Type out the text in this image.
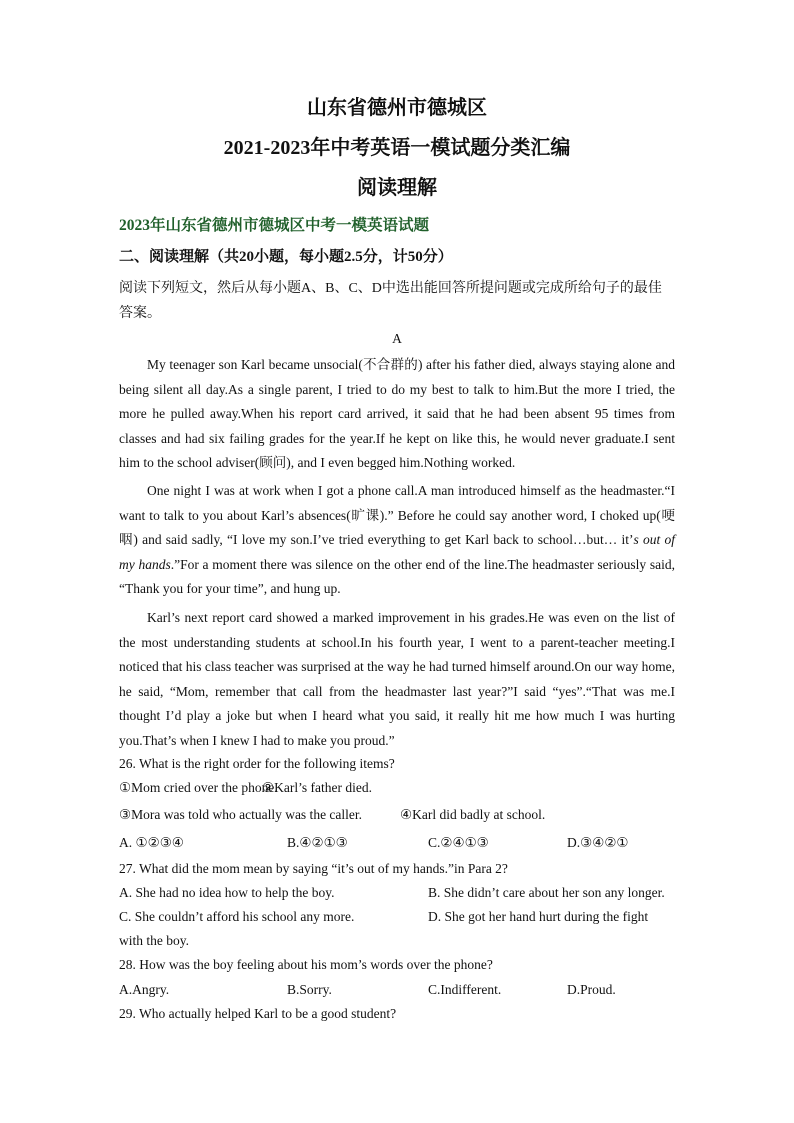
山东省德州市德城区
2021-2023年中考英语一模试题分类汇编
阅读理解
2023年山东省德州市德城区中考一模英语试题
二、阅读理解（共20小题，每小题2.5分，计50分）
阅读下列短文，然后从每小题A、B、C、D中选出能回答所提问题或完成所给句子的最佳答案。
A

My teenager son Karl became unsocial(不合群的) after his father died, always staying alone and being silent all day.As a single parent, I tried to do my best to talk to him.But the more I tried, the more he pulled away.When his report card arrived, it said that he had been absent 95 times from classes and had six failing grades for the year.If he kept on like this, he would never graduate.I sent him to the school adviser(顾问), and I even begged him.Nothing worked.

One night I was at work when I got a phone call.A man introduced himself as the headmaster.“I want to talk to you about Karl’s absences(旷课).” Before he could say another word, I choked up(哽咽) and said sadly, “I love my son.I’ve tried everything to get Karl back to school…but… it’s out of my hands.”For a moment there was silence on the other end of the line.The headmaster seriously said, “Thank you for your time”, and hung up.

Karl’s next report card showed a marked improvement in his grades.He was even on the list of the most understanding students at school.In his fourth year, I went to a parent-teacher meeting.I noticed that his class teacher was surprised at the way he had turned himself around.On our way home, he said, “Mom, remember that call from the headmaster last year?”I said “yes”.“That was me.I thought I’d play a joke but when I heard what you said, it really hit me how much I was hurting you.That’s when I knew I had to make you proud.”

26. What is the right order for the following items?
①Mom cried over the phone.
②Karl’s father died.
③Mora was told who actually was the caller.	④Karl did badly at school.
A. ①②③④	B.④②①③	C.②④①③	D.③④②①
27. What did the mom mean by saying “it’s out of my hands.”in Para 2?
A. She had no idea how to help the boy.	B. She didn’t care about her son any longer.
C. She couldn’t afford his school any more.	D. She got her hand hurt during the fight
with the boy.
28. How was the boy feeling about his mom’s words over the phone?
A.Angry.	B.Sorry.	C.Indifferent.	D.Proud.
29. Who actually helped Karl to be a good student?
